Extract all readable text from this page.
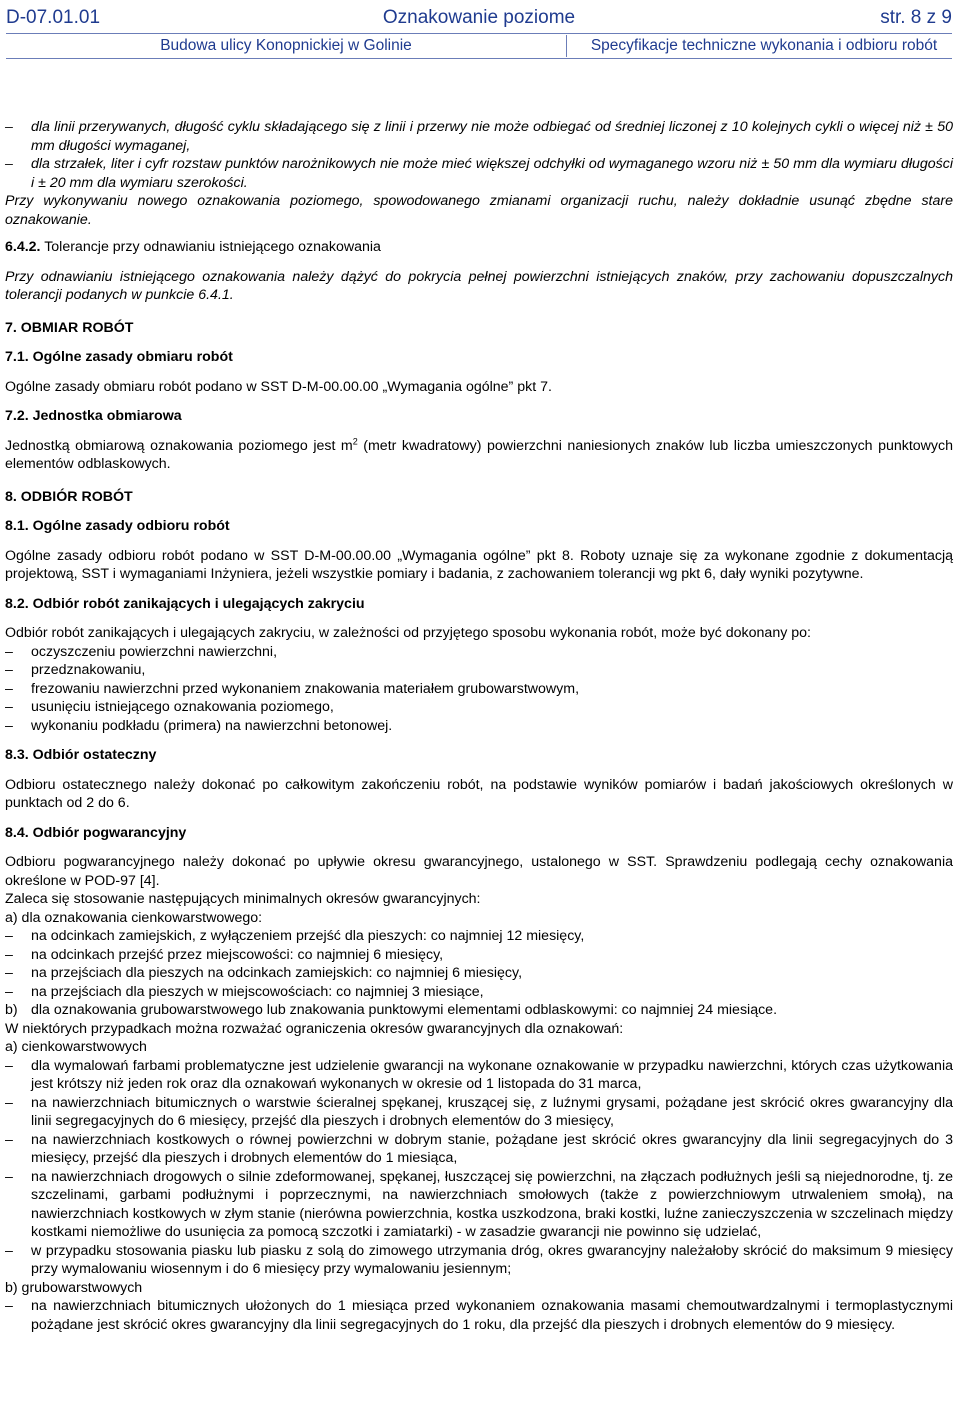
D-07.01.01	Oznakowanie poziome	str. 8 z 9
Budowa ulicy Konopnickiej w Golinie	Specyfikacje techniczne wykonania i odbioru robót
– dla linii przerywanych, długość cyklu składającego się z linii i przerwy nie może odbiegać od średniej liczonej z 10 kolejnych cykli o więcej niż ± 50 mm długości wymaganej,
– dla strzałek, liter i cyfr rozstaw punktów narożnikowych nie może mieć większej odchyłki od wymaganego wzoru niż ± 50 mm dla wymiaru długości i ± 20 mm dla wymiaru szerokości.

Przy wykonywaniu nowego oznakowania poziomego, spowodowanego zmianami organizacji ruchu, należy dokładnie usunąć zbędne stare oznakowanie.

6.4.2. Tolerancje przy odnawianiu istniejącego oznakowania

Przy odnawianiu istniejącego oznakowania należy dążyć do pokrycia pełnej powierzchni istniejących znaków, przy zachowaniu dopuszczalnych tolerancji podanych w punkcie 6.4.1.

7. OBMIAR ROBÓT

7.1. Ogólne zasady obmiaru robót

Ogólne zasady obmiaru robót podano w SST D-M-00.00.00 „Wymagania ogólne” pkt 7.

7.2. Jednostka obmiarowa

Jednostką obmiarową oznakowania poziomego jest $m^2$ (metr kwadratowy) powierzchni naniesionych znaków lub liczba umieszczonych punktowych elementów odblaskowych.

8. ODBIÓR ROBÓT

8.1. Ogólne zasady odbioru robót

Ogólne zasady odbioru robót podano w SST D-M-00.00.00 „Wymagania ogólne” pkt 8. Roboty uznaje się za wykonane zgodnie z dokumentacją projektową, SST i wymaganiami Inżyniera, jeżeli wszystkie pomiary i badania, z zachowaniem tolerancji wg pkt 6, dały wyniki pozytywne.

8.2. Odbiór robót zanikających i ulegających zakryciu

Odbiór robót zanikających i ulegających zakryciu, w zależności od przyjętego sposobu wykonania robót, może być dokonany po:

– oczyszczeniu powierzchni nawierzchni,
– przedznakowaniu,
– frezowaniu nawierzchni przed wykonaniem znakowania materiałem grubowarstwowym,
– usunięciu istniejącego oznakowania poziomego,
– wykonaniu podkładu (primera) na nawierzchni betonowej.

8.3. Odbiór ostateczny

Odbioru ostatecznego należy dokonać po całkowitym zakończeniu robót, na podstawie wyników pomiarów i badań jakościowych określonych w punktach od 2 do 6.

8.4. Odbiór pogwarancyjny

Odbioru pogwarancyjnego należy dokonać po upływie okresu gwarancyjnego, ustalonego w SST. Sprawdzeniu podlegają cechy oznakowania określone w POD-97 [4].

Zaleca się stosowanie następujących minimalnych okresów gwarancyjnych:

a) dla oznakowania cienkowarstwowego:

– na odcinkach zamiejskich, z wyłączeniem przejść dla pieszych: co najmniej 12 miesięcy,
– na odcinkach przejść przez miejscowości: co najmniej 6 miesięcy,
– na przejściach dla pieszych na odcinkach zamiejskich: co najmniej 6 miesięcy,
– na przejściach dla pieszych w miejscowościach: co najmniej 3 miesiące,
b) dla oznakowania grubowarstwowego lub znakowania punktowymi elementami odblaskowymi: co najmniej 24 miesiące.

W niektórych przypadkach można rozważać ograniczenia okresów gwarancyjnych dla oznakowań:

a) cienkowarstwowych

– dla wymalowań farbami problematyczne jest udzielenie gwarancji na wykonane oznakowanie w przypadku nawierzchni, których czas użytkowania jest krótszy niż jeden rok oraz dla oznakowań wykonanych w okresie od 1 listopada do 31 marca,
– na nawierzchniach bitumicznych o warstwie ścieralnej spękanej, kruszącej się, z luźnymi grysami, pożądane jest skrócić okres gwarancyjny dla linii segregacyjnych do 6 miesięcy, przejść dla pieszych i drobnych elementów do 3 miesięcy,
– na nawierzchniach kostkowych o równej powierzchni w dobrym stanie, pożądane jest skrócić okres gwarancyjny dla linii segregacyjnych do 3 miesięcy, przejść dla pieszych i drobnych elementów do 1 miesiąca,
– na nawierzchniach drogowych o silnie zdeformowanej, spękanej, łuszczącej się powierzchni, na złączach podłużnych jeśli są niejednorodne, tj. ze szczelinami, garbami podłużnymi i poprzecznymi, na nawierzchniach smołowych (także z powierzchniowym utrwaleniem smołą), na nawierzchniach kostkowych w złym stanie (nierówna powierzchnia, kostka uszkodzona, braki kostki, luźne zanieczyszczenia w szczelinach między kostkami niemożliwe do usunięcia za pomocą szczotki i zamiatarki) - w zasadzie gwarancji nie powinno się udzielać,
– w przypadku stosowania piasku lub piasku z solą do zimowego utrzymania dróg, okres gwarancyjny należałoby skrócić do maksimum 9 miesięcy przy wymalowaniu wiosennym i do 6 miesięcy przy wymalowaniu jesiennym;

b) grubowarstwowych

– na nawierzchniach bitumicznych ułożonych do 1 miesiąca przed wykonaniem oznakowania masami chemoutwardzalnymi i termoplastycznymi pożądane jest skrócić okres gwarancyjny dla linii segregacyjnych do 1 roku, dla przejść dla pieszych i drobnych elementów do 9 miesięcy.
